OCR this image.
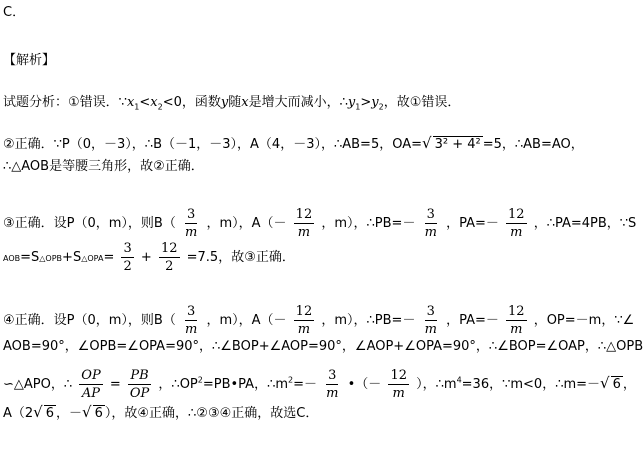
C．
【解析】
试题分析：①错误．$\because x_1<x_2<0$，函数y随x是增大而减小，$\therefore y_1>y_2$，故①错误．
②正确．∵P（0，－3），∴B（－1，－3），A（4，－3），∴AB=5，OA=√ 3² + 4² =5，∴AB=AO，
∴△AOB是等腰三角形，故②正确．
③正确．设P（0，m），则$B( \frac{3}{m}$ ，m），$A(- \frac{12}{m}$ ，m），∴PB=－ $\frac{3}{m}$ ，$PA=- \frac{12}{m}$ ，∴PA=4PB，∵S
AOB=S△OPB+S△OPA= $\frac{3}{2} + \frac{12}{2} =7.5$，故③正确．
④正确．设P（0，m），则$B( \frac{3}{m}$ ，m），$A(- \frac{12}{m}$ ，m），∴PB=－ $\frac{3}{m}$ ，$PA=- \frac{12}{m}$ ，OP=－m，∵∠
AOB=90°，∠OPB=∠OPA=90°，∴∠BOP+∠AOP=90°，∠AOP+∠OPA=90°，∴∠BOP=∠OAP，∴△OPB
∽△APO，∴ $\frac{OP}{AP} = \frac{PB}{OP}$ ，$\therefore OP^2=PB•PA$，$\therefore m^2=- \frac{3}{m}$ •（－ $\frac{12}{m}$ ），$\therefore m^4=36$，∵m<0，∴m=－√ 6 ，
A（2√ 6 ，－√ 6 ），故④正确，∴②③④正确，故选C．
